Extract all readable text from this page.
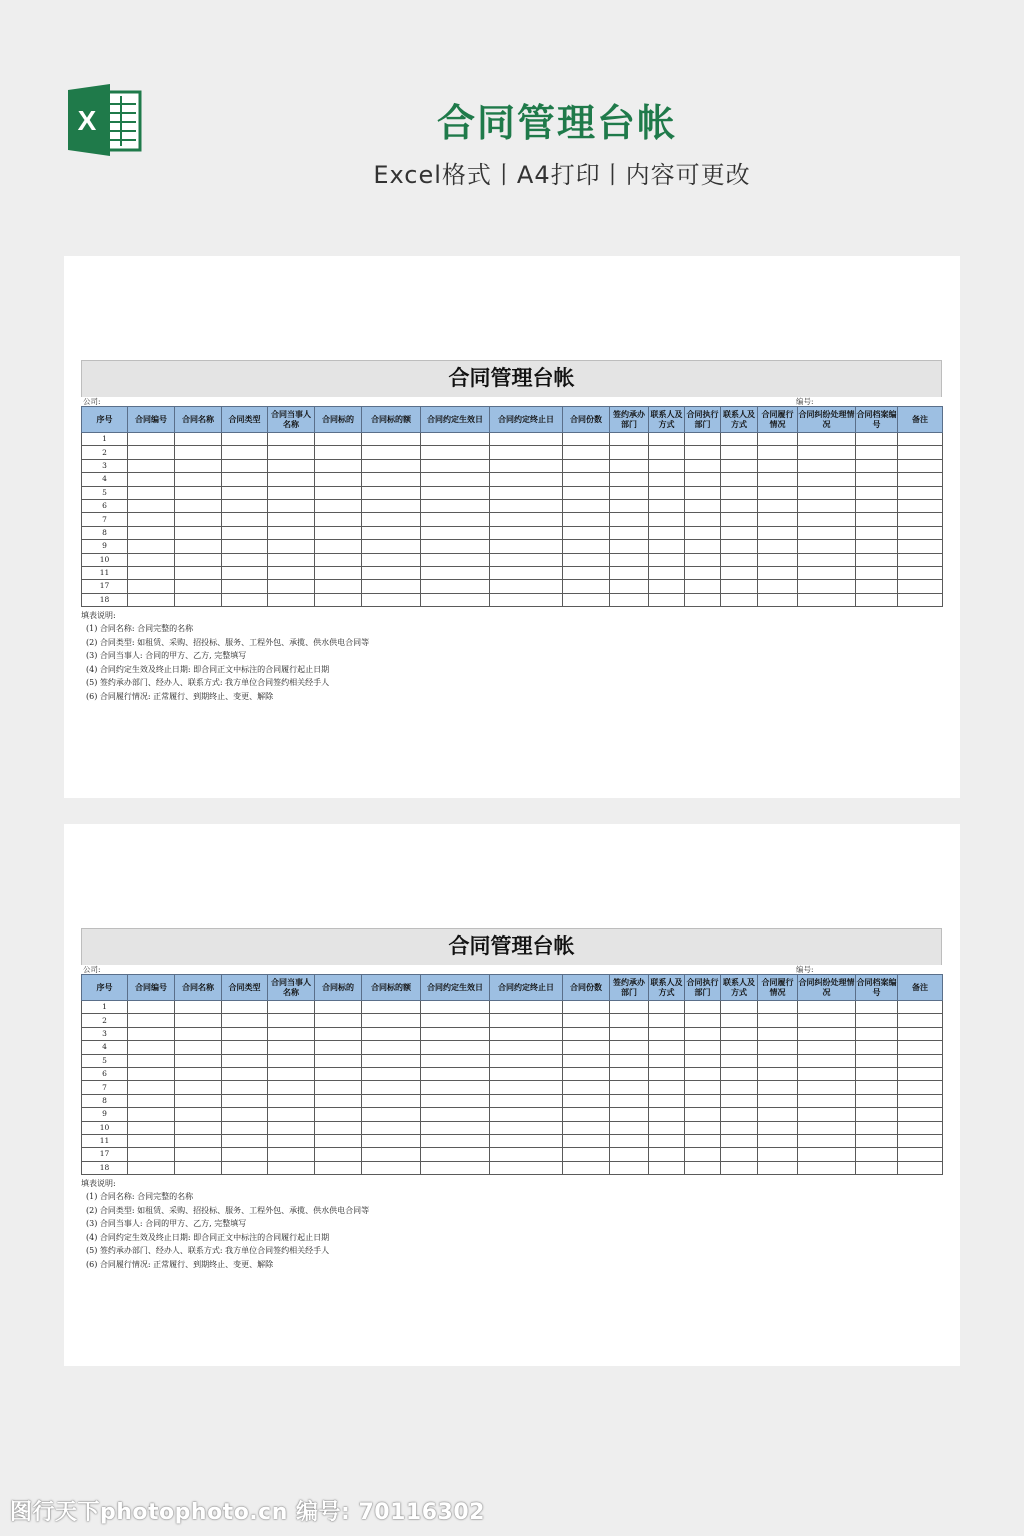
X	合同管理台帐
Excel格式丨A4打印丨内容可更改
合同管理台帐
公司:	编号:
序号	合同编号	合同名称	合同类型	合同当事人名称	合同标的	合同标的额	合同约定生效日	合同约定终止日	合同份数	签约承办部门	联系人及方式	合同执行部门	联系人及方式	合同履行情况	合同纠纷处理情况	合同档案编号	备注
1																	
2																	
3																	
4																	
5																	
6																	
7																	
8																	
9																	
10																	
11																	
17																	
18																	
填表说明:
(1) 合同名称: 合同完整的名称
(2) 合同类型: 如租赁、采购、招投标、服务、工程外包、承揽、供水供电合同等
(3) 合同当事人: 合同的甲方、乙方, 完整填写
(4) 合同约定生效及终止日期: 即合同正文中标注的合同履行起止日期
(5) 签约承办部门、经办人、联系方式: 我方单位合同签约相关经手人
(6) 合同履行情况: 正常履行、到期终止、变更、解除
合同管理台帐
公司:	编号:
序号	合同编号	合同名称	合同类型	合同当事人名称	合同标的	合同标的额	合同约定生效日	合同约定终止日	合同份数	签约承办部门	联系人及方式	合同执行部门	联系人及方式	合同履行情况	合同纠纷处理情况	合同档案编号	备注
1																	
2																	
3																	
4																	
5																	
6																	
7																	
8																	
9																	
10																	
11																	
17																	
18																	
填表说明:
(1) 合同名称: 合同完整的名称
(2) 合同类型: 如租赁、采购、招投标、服务、工程外包、承揽、供水供电合同等
(3) 合同当事人: 合同的甲方、乙方, 完整填写
(4) 合同约定生效及终止日期: 即合同正文中标注的合同履行起止日期
(5) 签约承办部门、经办人、联系方式: 我方单位合同签约相关经手人
(6) 合同履行情况: 正常履行、到期终止、变更、解除
图行天下photophoto.cn 编号: 70116302
